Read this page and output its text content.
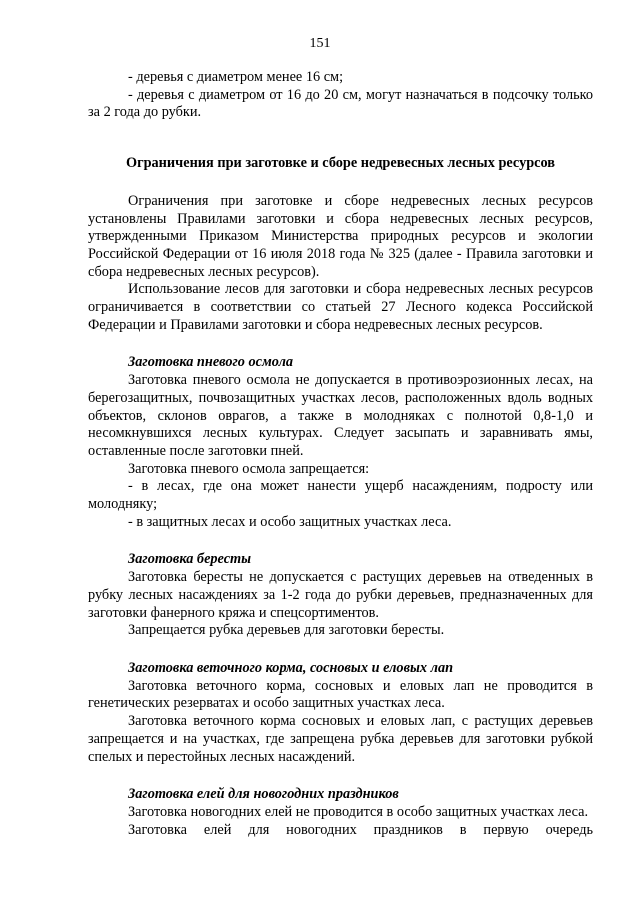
151

- деревья с диаметром менее 16 см;

- деревья с диаметром от 16 до 20 см, могут назначаться в подсочку только за 2 года до рубки.

Ограничения при заготовке и сборе недревесных лесных ресурсов

Ограничения при заготовке и сборе недревесных лесных ресурсов установлены Правилами заготовки и сбора недревесных лесных ресурсов, утвержденными Приказом Министерства природных ресурсов и экологии Российской Федерации от 16 июля 2018 года № 325 (далее - Правила заготовки и сбора недревесных лесных ресурсов).

Использование лесов для заготовки и сбора недревесных лесных ресурсов ограничивается в соответствии со статьей 27 Лесного кодекса Российской Федерации и Правилами заготовки и сбора недревесных лесных ресурсов.

Заготовка пневого осмола

Заготовка пневого осмола не допускается в противоэрозионных лесах, на берегозащитных, почвозащитных участках лесов, расположенных вдоль водных объектов, склонов оврагов, а также в молодняках с полнотой 0,8-1,0 и несомкнувшихся лесных культурах. Следует засыпать и заравнивать ямы, оставленные после заготовки пней.

Заготовка пневого осмола запрещается:

- в лесах, где она может нанести ущерб насаждениям, подросту или молодняку;

- в защитных лесах и особо защитных участках леса.

Заготовка бересты

Заготовка бересты не допускается с растущих деревьев на отведенных в рубку лесных насаждениях за 1-2 года до рубки деревьев, предназначенных для заготовки фанерного кряжа и спецсортиментов.

Запрещается рубка деревьев для заготовки бересты.

Заготовка веточного корма, сосновых и еловых лап

Заготовка веточного корма, сосновых и еловых лап не проводится в генетических резерватах и особо защитных участках леса.

Заготовка веточного корма сосновых и еловых лап, с растущих деревьев запрещается и на участках, где запрещена рубка деревьев для заготовки рубкой спелых и перестойных лесных насаждений.

Заготовка елей для новогодних праздников

Заготовка новогодних елей не проводится в особо защитных участках леса.

Заготовка елей для новогодних праздников в первую очередь
